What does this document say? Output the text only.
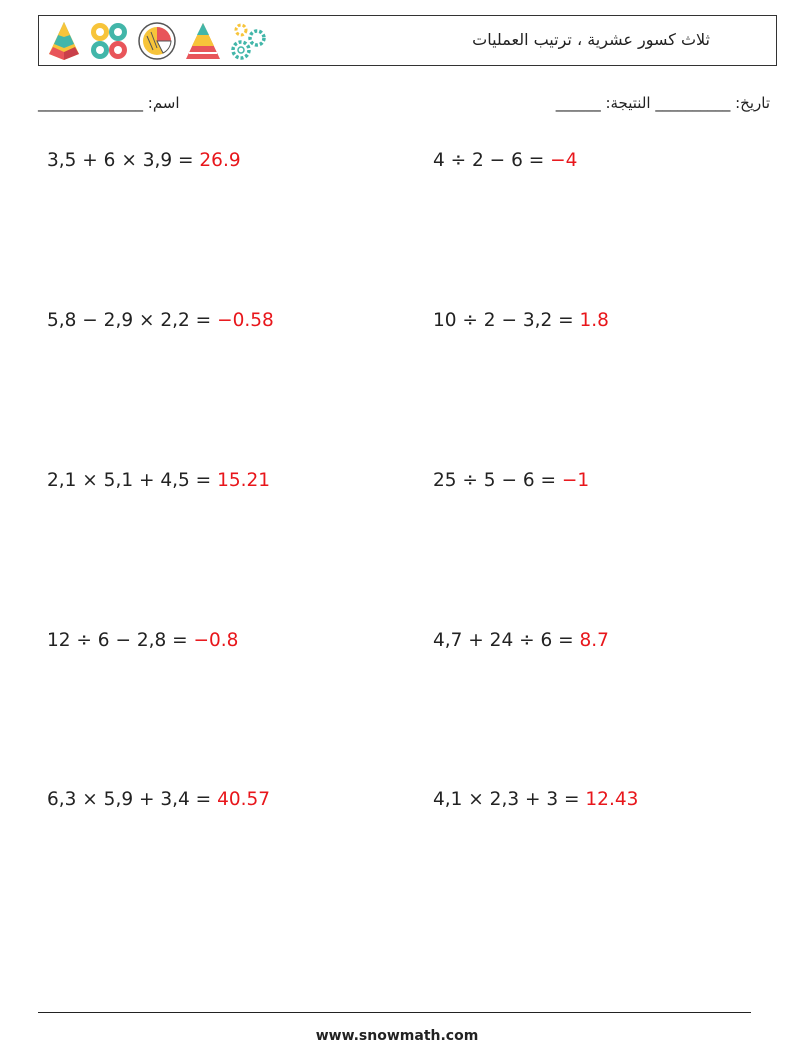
ثلاث كسور عشرية ، ترتيب العمليات
______________ :اسم	______ :تاريخ: __________ النتيجة
3,5 + 6 × 3,9 = 26.9	4 ÷ 2 − 6 = −4
5,8 − 2,9 × 2,2 = −0.58	10 ÷ 2 − 3,2 = 1.8
2,1 × 5,1 + 4,5 = 15.21	25 ÷ 5 − 6 = −1
12 ÷ 6 − 2,8 = −0.8	4,7 + 24 ÷ 6 = 8.7
6,3 × 5,9 + 3,4 = 40.57	4,1 × 2,3 + 3 = 12.43
www.snowmath.com
